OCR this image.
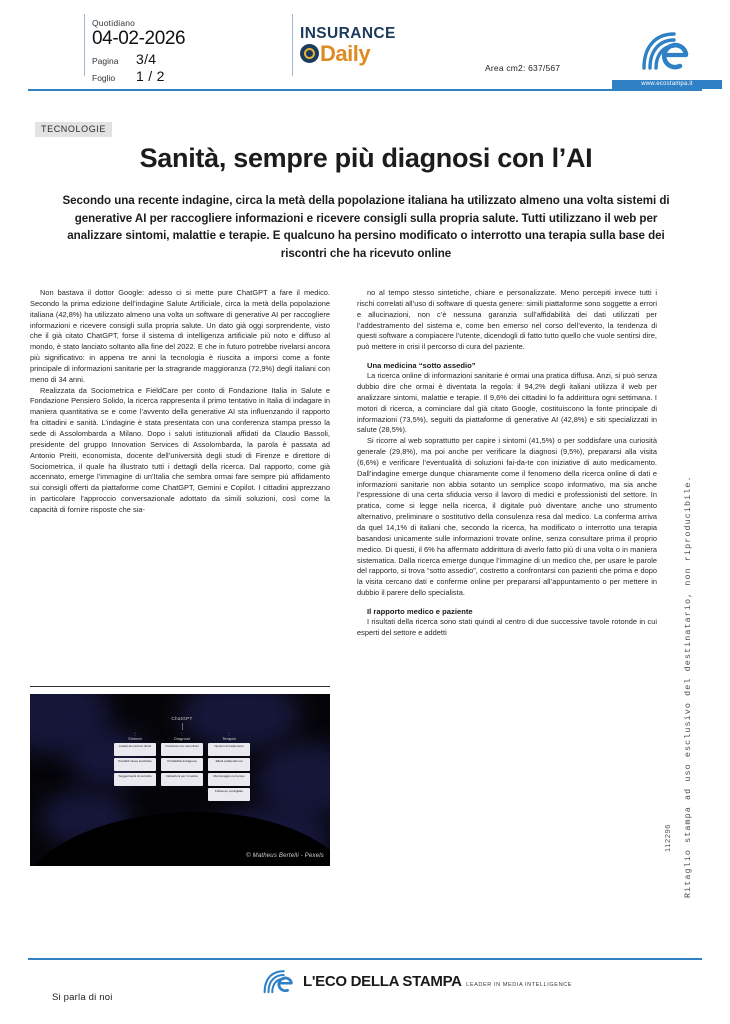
Quotidiano
04-02-2026
Pagina	3/4
Foglio	1 / 2
INSURANCE
Daily
Area cm2: 637/567
www.ecostampa.it
TECNOLOGIE
Sanità, sempre più diagnosi con l’AI
Secondo una recente indagine, circa la metà della popolazione italiana ha utilizzato almeno una volta sistemi di generative AI per raccogliere informazioni e ricevere consigli sulla propria salute. Tutti utilizzano il web per analizzare sintomi, malattie e terapie. E qualcuno ha persino modificato o interrotto una terapia sulla base dei riscontri che ha ricevuto online

Non bastava il dottor Google: adesso ci si mette pure ChatGPT a fare il medico. Secondo la prima edizione dell’indagine Salute Artificiale, circa la metà della popolazione italiana (42,8%) ha utilizzato almeno una volta un software di generative AI per raccogliere informazioni e ricevere consigli sulla propria salute. Un dato già oggi sorprendente, visto che il già citato ChatGPT, forse il sistema di intelligenza artificiale più noto e diffuso al mondo, è stato lanciato soltanto alla fine del 2022. E che in futuro potrebbe rivelarsi ancora più significativo: in appena tre anni la tecnologia è riuscita a imporsi come a fonte principale di informazioni sanitarie per la stragrande maggioranza (72,9%) degli italiani con meno di 34 anni.

Realizzata da Sociometrica e FieldCare per conto di Fondazione Italia in Salute e Fondazione Pensiero Solido, la ricerca rappresenta il primo tentativo in Italia di indagare in maniera quantitativa se e come l’avvento della generative AI sta influenzando il rapporto fra cittadini e sanità. L’indagine è stata presentata con una conferenza stampa presso la sede di Assolombarda a Milano. Dopo i saluti istituzionali affidati da Claudio Bassoli, presidente del gruppo Innovation Services di Assolombarda, la parola è passata ad Antonio Preiti, economista, docente dell’università degli studi di Firenze e direttore di Sociometrica, il quale ha illustrato tutti i dettagli della ricerca. Dal rapporto, come già accennato, emerge l’immagine di un’Italia che sembra ormai fare sempre più affidamento sui consigli offerti da piattaforme come ChatGPT, Gemini e Copilot. I cittadini apprezzano in particolare l’approccio conversazionale adottato da simili soluzioni, così come la capacità di fornire risposte che sia-

no al tempo stesso sintetiche, chiare e personalizzate. Meno percepiti invece tutti i rischi correlati all’uso di software di questa genere: simili piattaforme sono soggette a errori e allucinazioni, non c’è nessuna garanzia sull’affidabilità dei dati utilizzati per l’addestramento del sistema e, come ben emerso nel corso dell’evento, la tendenza di questi software a compiacere l’utente, dicendogli di fatto tutto quello che vuole sentirsi dire, può mettere in crisi il percorso di cura del paziente.

Una medicina “sotto assedio”

La ricerca online di informazioni sanitarie è ormai una pratica diffusa. Anzi, si può senza dubbio dire che ormai è diventata la regola: il 94,2% degli italiani utilizza il web per analizzare sintomi, malattie e terapie. Il 9,6% dei cittadini lo fa addirittura ogni settimana. I motori di ricerca, a cominciare dal già citato Google, costituiscono la fonte principale di informazioni (73,5%), seguiti da piattaforme di generative AI (42,8%) e siti specializzati in salute (28,5%).

Si ricorre al web soprattutto per capire i sintomi (41,5%) o per soddisfare una curiosità generale (29,8%), ma poi anche per verificare la diagnosi (9,5%), prepararsi alla visita (6,6%) e verificare l’eventualità di soluzioni fai-da-te con iniziative di auto medicamento. Dall’indagine emerge dunque chiaramente come il fenomeno della ricerca online di dati e informazioni sanitarie non abbia sotanto un semplice scopo informativo, ma sia anche l’espressione di una certa sfiducia verso il lavoro di medici e professionisti del settore. In pratica, come si legge nella ricerca, il digitale può diventare anche uno strumento alternativo, preliminare o sostitutivo della consulenza resa dal medico. La conferma arriva da quel 14,1% di italiani che, secondo la ricerca, ha modificato o interrotto una terapia basandosi unicamente sulle informazioni trovate online, senza consultare prima il proprio medico. Di questi, il 6% ha affermato addirittura di averlo fatto più di una volta o in maniera sistematica. Dalla ricerca emerge dunque l’immagine di un medico che, per usare le parole del rapporto, si trova “sotto assedio”, costretto a confrontarsi con pazienti che prima e dopo la visita cercano dati e conferme online per prepararsi all’appuntamento o per mettere in dubbio il parere dello specialista.

Il rapporto medico e paziente

I risultati della ricerca sono stati quindi al centro di due successive tavole rotonde in cui esperti del settore e addetti

ChatGPT
⋮
Sintomi
Analisi dei sintomi riferiti
Possibili cause ipotizzate
Suggerimenti di controllo
⋮
Diagnosi
Confronto con casi clinici
Probabilità di diagnosi
Indicazioni per il medico
⋮
Terapia
Opzioni di trattamento
Effetti collaterali noti
Monitoraggio nel tempo
Follow-up consigliato
© Matheus Bertelli - Pexels	Ritaglio stampa ad uso esclusivo del destinatario, non riproducibile.
112296
Si parla di noi
L'ECO DELLA STAMPA LEADER IN MEDIA INTELLIGENCE
